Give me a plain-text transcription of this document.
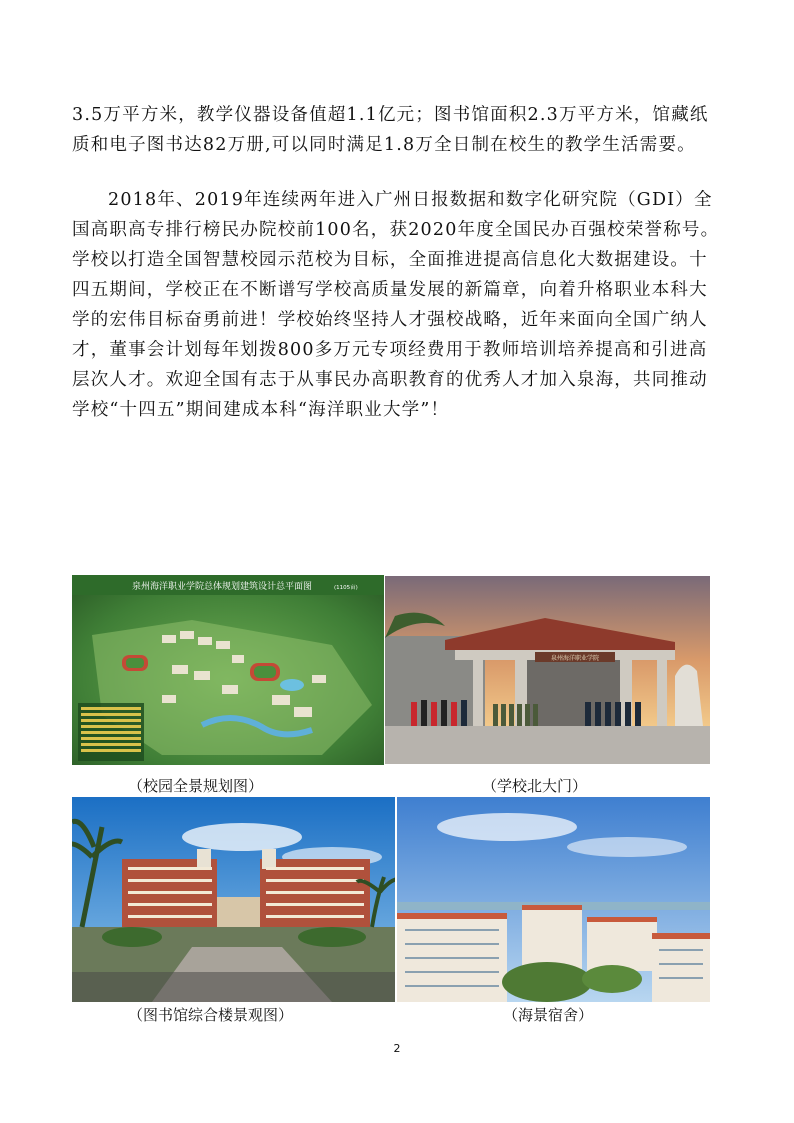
3.5万平方米，教学仪器设备值超1.1亿元；图书馆面积2.3万平方米，馆藏纸质和电子图书达82万册,可以同时满足1.8万全日制在校生的教学生活需要。

2018年、2019年连续两年进入广州日报数据和数字化研究院（GDI）全国高职高专排行榜民办院校前100名，获2020年度全国民办百强校荣誉称号。学校以打造全国智慧校园示范校为目标，全面推进提高信息化大数据建设。十四五期间，学校正在不断谱写学校高质量发展的新篇章，向着升格职业本科大学的宏伟目标奋勇前进！学校始终坚持人才强校战略，近年来面向全国广纳人才，董事会计划每年划拨800多万元专项经费用于教师培训培养提高和引进高层次人才。欢迎全国有志于从事民办高职教育的优秀人才加入泉海，共同推动学校“十四五”期间建成本科“海洋职业大学”！

泉州海洋职业学院总体规划建筑设计总平面图	(1105亩)
（校园全景规划图）
泉州海洋职业学院
（学校北大门）
（图书馆综合楼景观图）	（海景宿舍）
2
